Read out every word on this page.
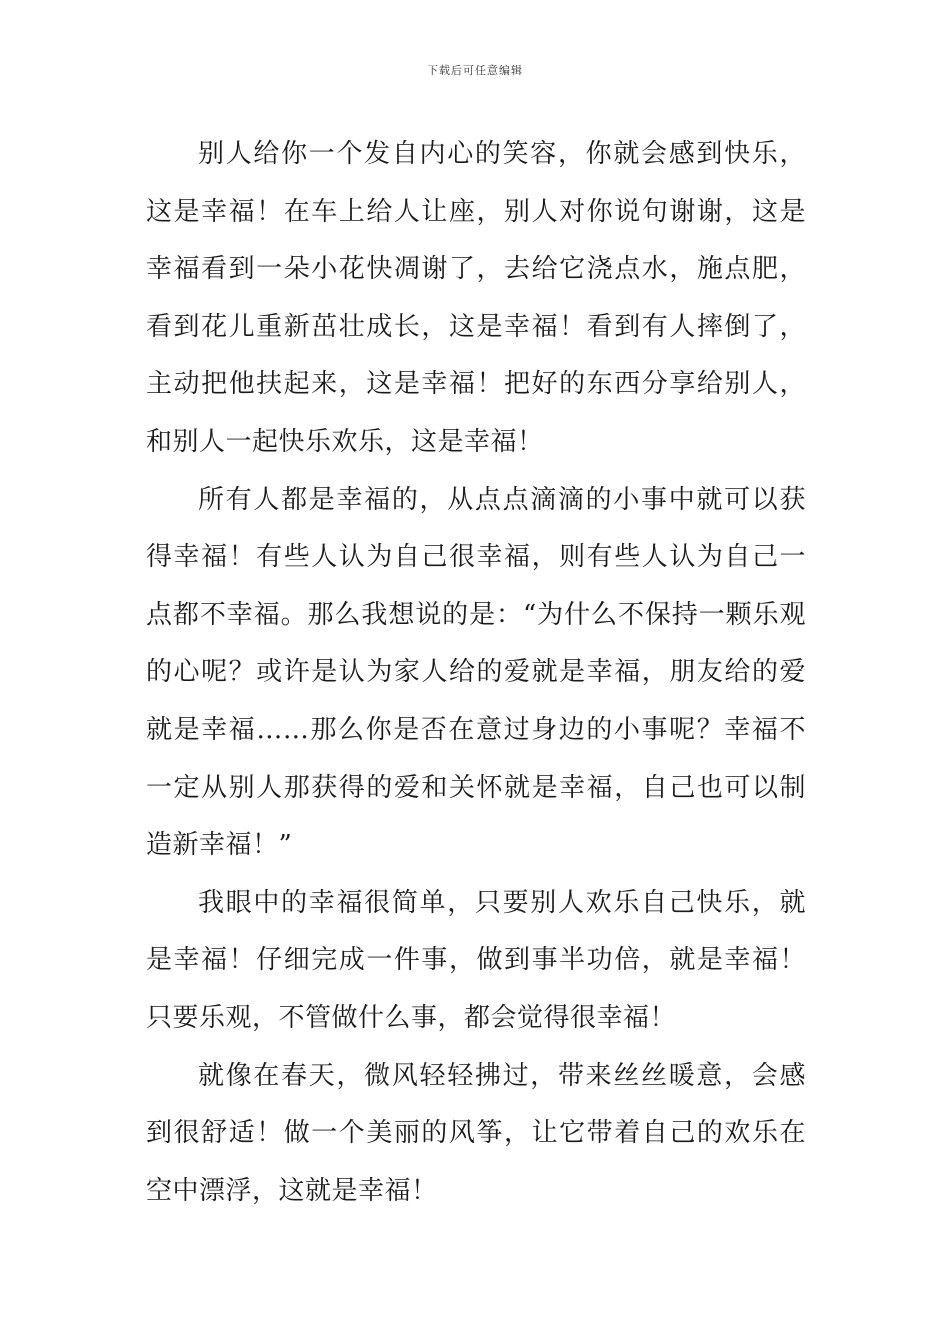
下载后可任意编辑

别人给你一个发自内心的笑容，你就会感到快乐，这是幸福！在车上给人让座，别人对你说句谢谢，这是幸福看到一朵小花快凋谢了，去给它浇点水，施点肥，看到花儿重新茁壮成长，这是幸福！看到有人摔倒了，主动把他扶起来，这是幸福！把好的东西分享给别人，和别人一起快乐欢乐，这是幸福！

所有人都是幸福的，从点点滴滴的小事中就可以获得幸福！有些人认为自己很幸福，则有些人认为自己一点都不幸福。那么我想说的是：“为什么不保持一颗乐观的心呢？或许是认为家人给的爱就是幸福，朋友给的爱就是幸福……那么你是否在意过身边的小事呢？幸福不一定从别人那获得的爱和关怀就是幸福，自己也可以制造新幸福！”

我眼中的幸福很简单，只要别人欢乐自己快乐，就是幸福！仔细完成一件事，做到事半功倍，就是幸福！只要乐观，不管做什么事，都会觉得很幸福！

就像在春天，微风轻轻拂过，带来丝丝暖意，会感到很舒适！做一个美丽的风筝，让它带着自己的欢乐在空中漂浮，这就是幸福！
